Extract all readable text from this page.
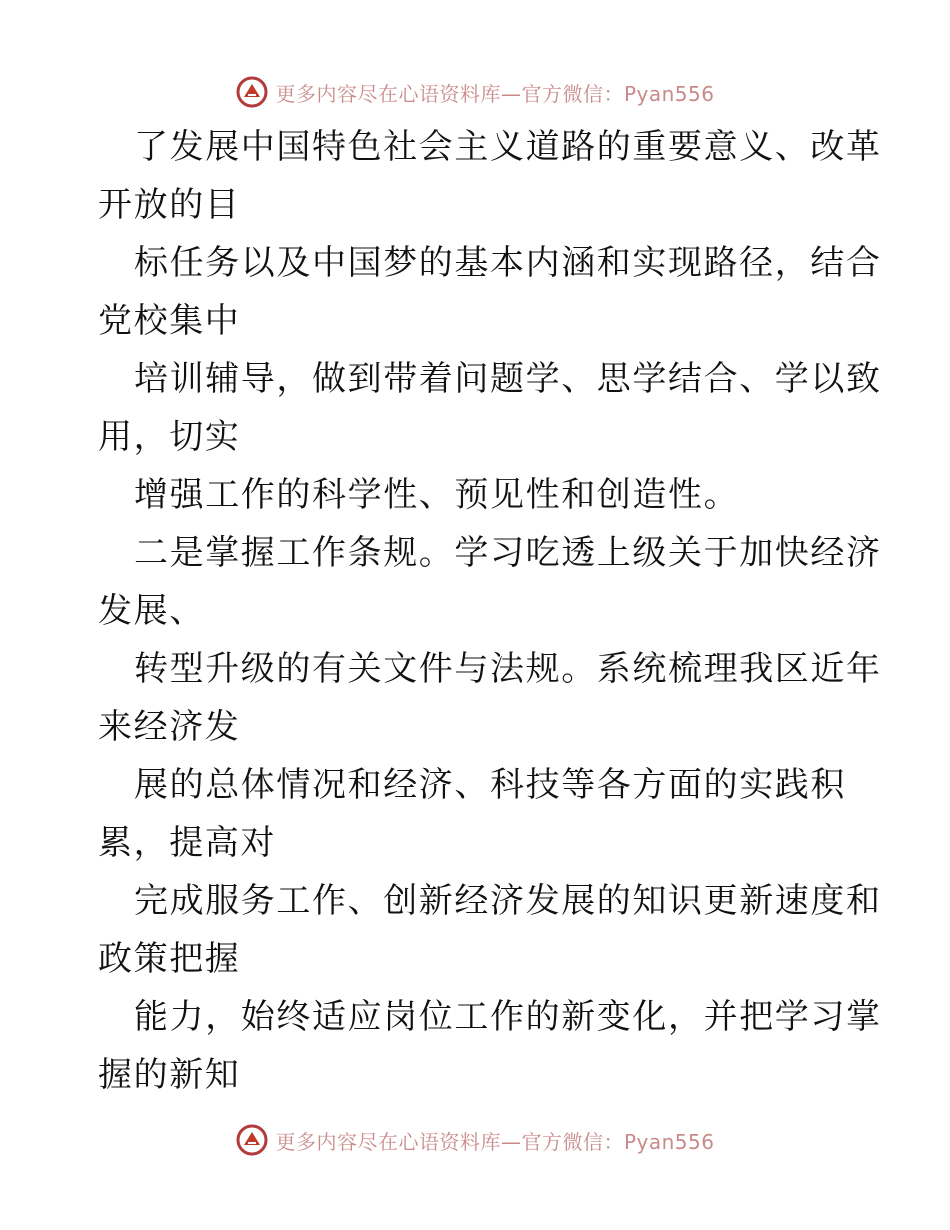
更多内容尽在心语资料库—官方微信：Pyan556

了发展中国特色社会主义道路的重要意义、改革

开放的目

标任务以及中国梦的基本内涵和实现路径，结合

党校集中

培训辅导，做到带着问题学、思学结合、学以致

用，切实

增强工作的科学性、预见性和创造性。

二是掌握工作条规。学习吃透上级关于加快经济

发展、

转型升级的有关文件与法规。系统梳理我区近年

来经济发

展的总体情况和经济、科技等各方面的实践积

累，提高对

完成服务工作、创新经济发展的知识更新速度和

政策把握

能力，始终适应岗位工作的新变化，并把学习掌

握的新知

更多内容尽在心语资料库—官方微信：Pyan556
